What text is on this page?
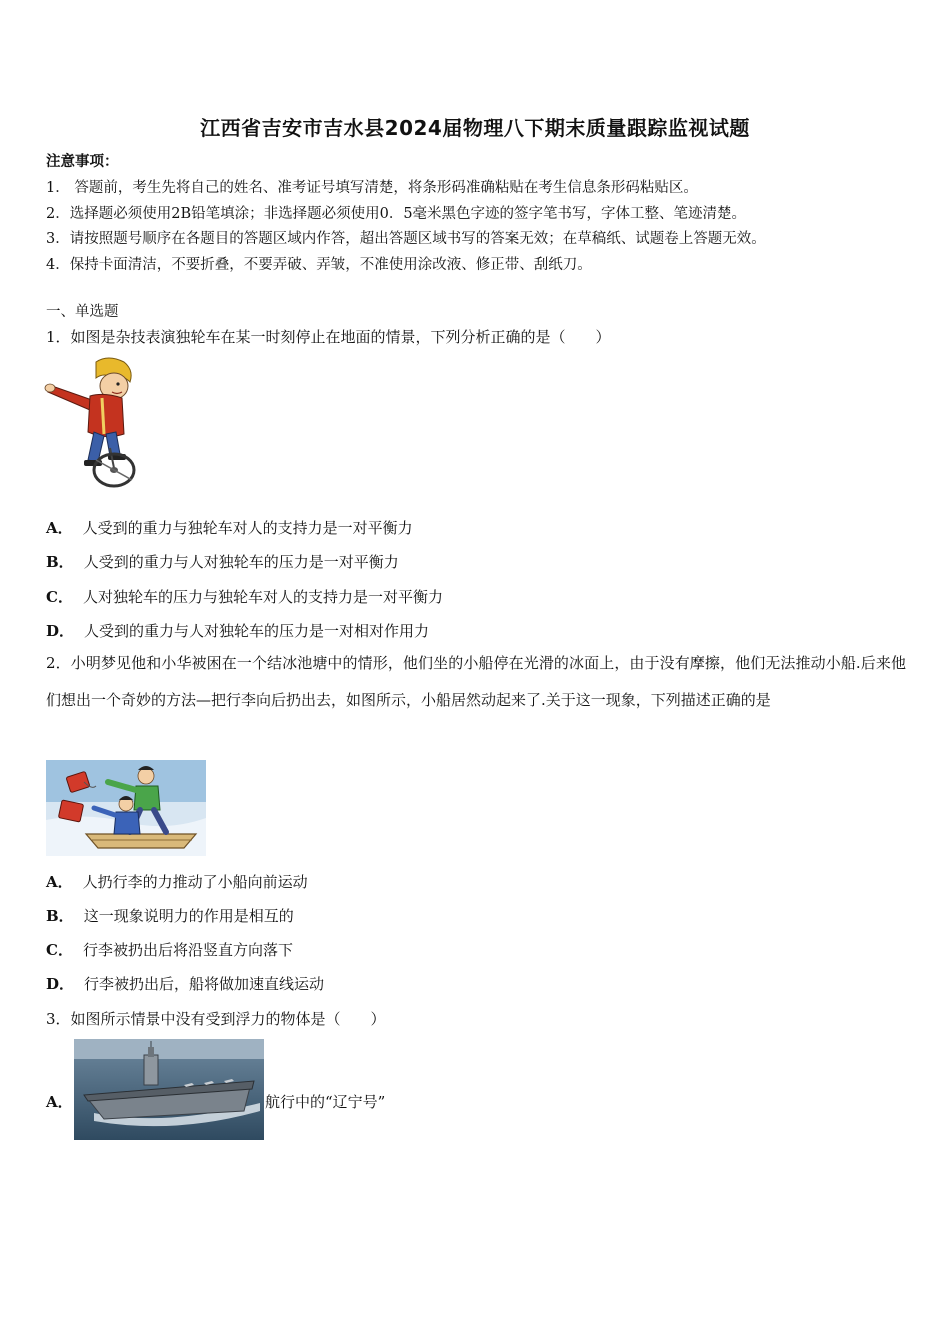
江西省吉安市吉水县2024届物理八下期末质量跟踪监视试题
注意事项：
1． 答题前，考生先将自己的姓名、准考证号填写清楚，将条形码准确粘贴在考生信息条形码粘贴区。
2．选择题必须使用2B铅笔填涂；非选择题必须使用0．5毫米黑色字迹的签字笔书写，字体工整、笔迹清楚。
3．请按照题号顺序在各题目的答题区域内作答，超出答题区域书写的答案无效；在草稿纸、试题卷上答题无效。
4．保持卡面清洁，不要折叠，不要弄破、弄皱，不准使用涂改液、修正带、刮纸刀。
一、单选题
1．如图是杂技表演独轮车在某一时刻停止在地面的情景，下列分析正确的是（　　）
A． 人受到的重力与独轮车对人的支持力是一对平衡力
B． 人受到的重力与人对独轮车的压力是一对平衡力
C． 人对独轮车的压力与独轮车对人的支持力是一对平衡力
D． 人受到的重力与人对独轮车的压力是一对相对作用力
2．小明梦见他和小华被困在一个结冰池塘中的情形，他们坐的小船停在光滑的冰面上，由于没有摩擦，他们无法推动小船.后来他们想出一个奇妙的方法—把行李向后扔出去，如图所示，小船居然动起来了.关于这一现象，下列描述正确的是
A． 人扔行李的力推动了小船向前运动
B． 这一现象说明力的作用是相互的
C． 行李被扔出后将沿竖直方向落下
D． 行李被扔出后，船将做加速直线运动
3．如图所示情景中没有受到浮力的物体是（　　）
A．	航行中的“辽宁号”
